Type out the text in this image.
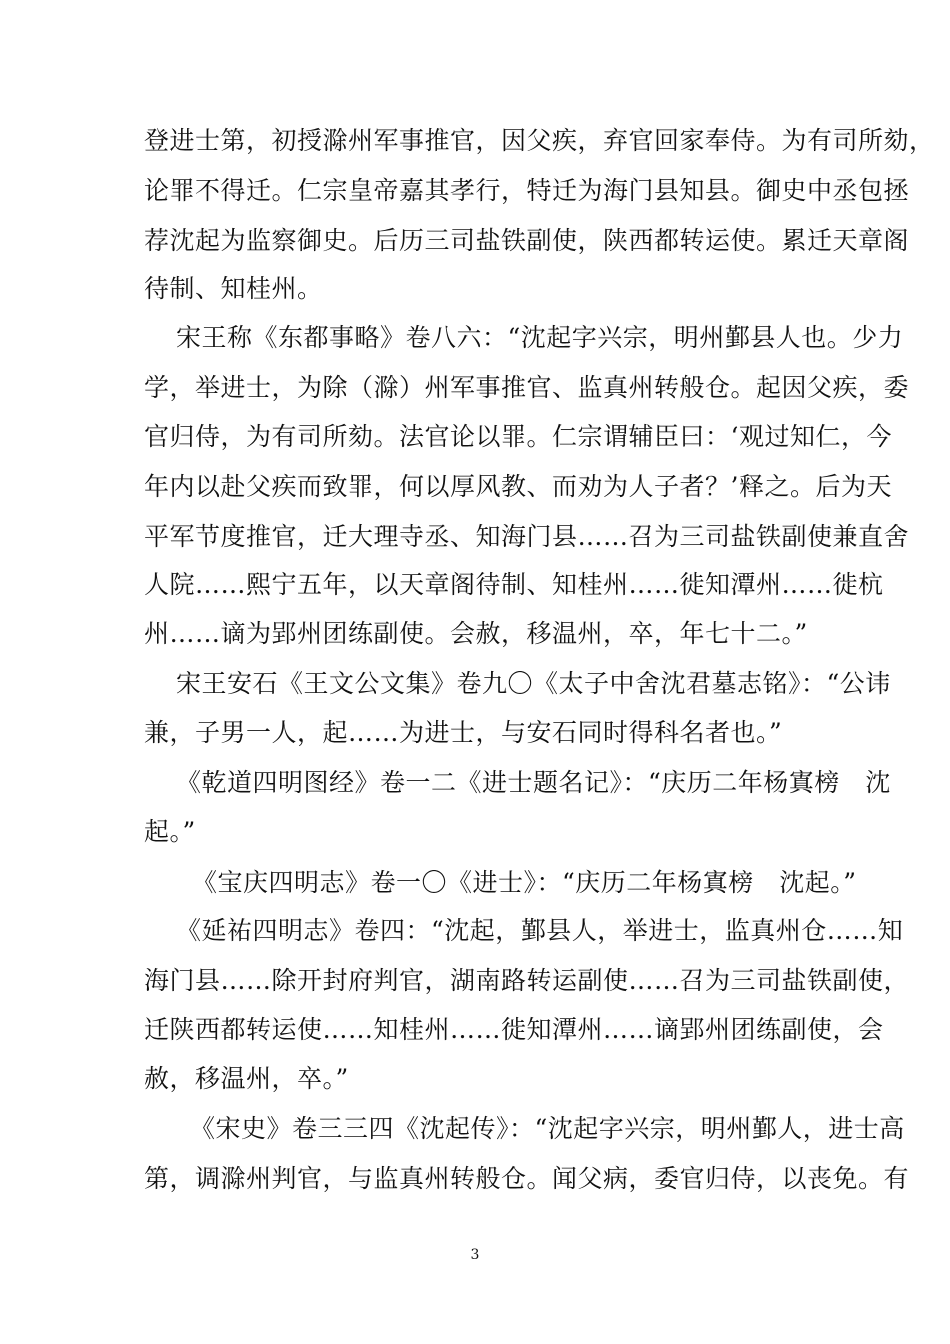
登进士第，初授滁州军事推官，因父疾，弃官回家奉侍。为有司所劾，
论罪不得迁。仁宗皇帝嘉其孝行，特迁为海门县知县。御史中丞包拯
荐沈起为监察御史。后历三司盐铁副使，陕西都转运使。累迁天章阁
待制、知桂州。
宋王称《东都事略》卷八六：“沈起字兴宗，明州鄞县人也。少力
学，举进士，为除（滁）州军事推官、监真州转般仓。起因父疾，委
官归侍，为有司所劾。法官论以罪。仁宗谓辅臣曰：‘观过知仁，今
年内以赴父疾而致罪，何以厚风教、而劝为人子者？’释之。后为天
平军节度推官，迁大理寺丞、知海门县……召为三司盐铁副使兼直舍
人院……熙宁五年，以天章阁待制、知桂州……徙知潭州……徙杭
州……谪为郢州团练副使。会赦，移温州，卒，年七十二。”
宋王安石《王文公文集》卷九〇《太子中舍沈君墓志铭》：“公讳
兼，子男一人，起……为进士，与安石同时得科名者也。”
《乾道四明图经》卷一二《进士题名记》：“庆历二年杨寘榜　沈
起。”
《宝庆四明志》卷一〇《进士》：“庆历二年杨寘榜　沈起。”
《延祐四明志》卷四：“沈起，鄞县人，举进士，监真州仓……知
海门县……除开封府判官，湖南路转运副使……召为三司盐铁副使，
迁陕西都转运使……知桂州……徙知潭州……谪郢州团练副使，会
赦，移温州，卒。”
《宋史》卷三三四《沈起传》：“沈起字兴宗，明州鄞人，进士高
第，调滁州判官，与监真州转般仓。闻父病，委官归侍，以丧免。有
3
